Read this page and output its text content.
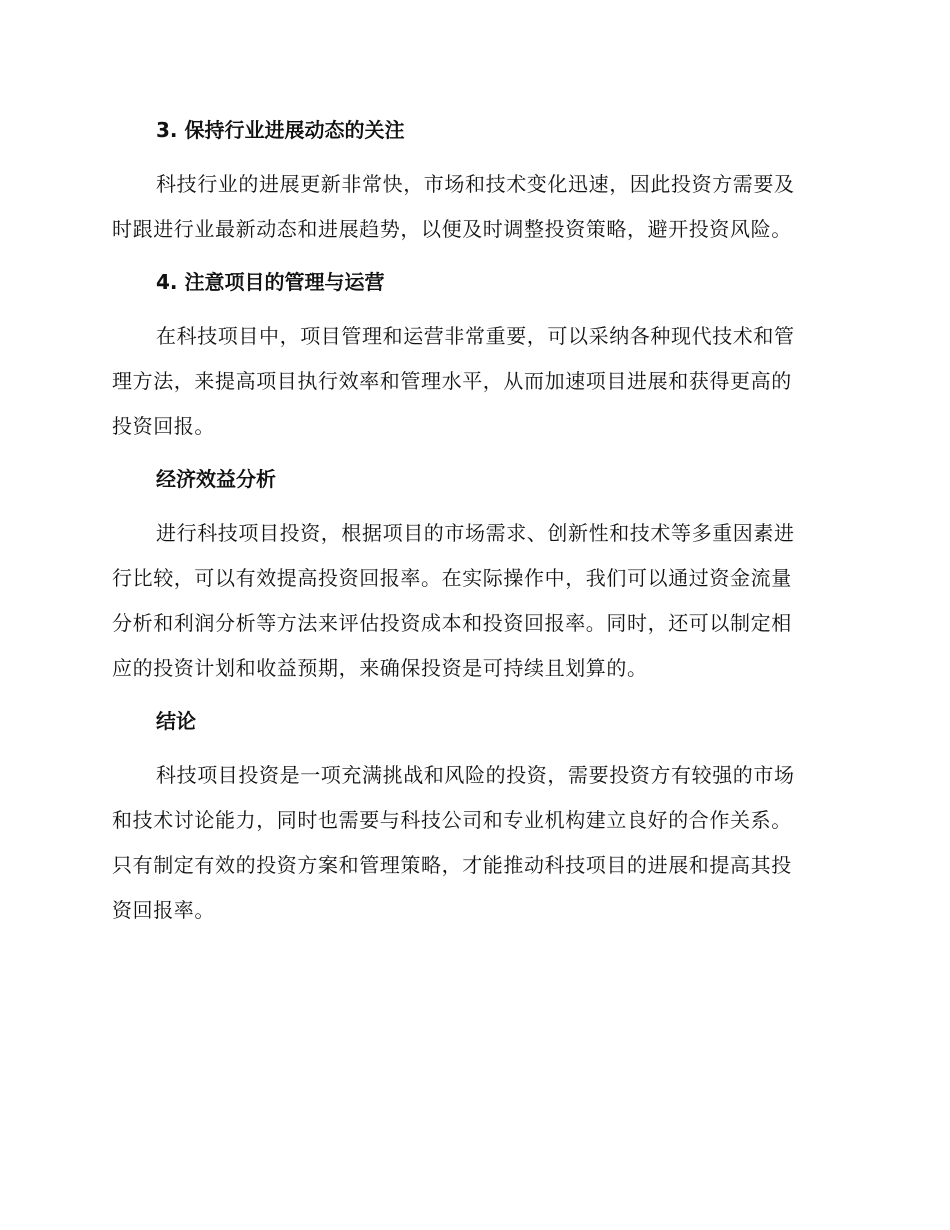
3. 保持行业进展动态的关注
科技行业的进展更新非常快，市场和技术变化迅速，因此投资方需要及
时跟进行业最新动态和进展趋势，以便及时调整投资策略，避开投资风险。
4. 注意项目的管理与运营
在科技项目中，项目管理和运营非常重要，可以采纳各种现代技术和管
理方法，来提高项目执行效率和管理水平，从而加速项目进展和获得更高的
投资回报。
经济效益分析
进行科技项目投资，根据项目的市场需求、创新性和技术等多重因素进
行比较，可以有效提高投资回报率。在实际操作中，我们可以通过资金流量
分析和利润分析等方法来评估投资成本和投资回报率。同时，还可以制定相
应的投资计划和收益预期，来确保投资是可持续且划算的。
结论
科技项目投资是一项充满挑战和风险的投资，需要投资方有较强的市场
和技术讨论能力，同时也需要与科技公司和专业机构建立良好的合作关系。
只有制定有效的投资方案和管理策略，才能推动科技项目的进展和提高其投
资回报率。
